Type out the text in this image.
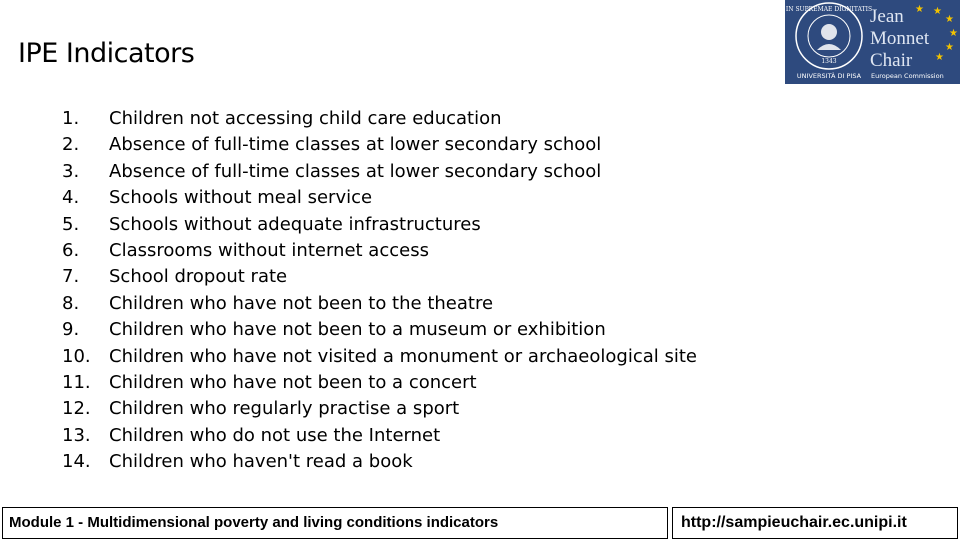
IPE Indicators
IN SUPREMAE DIGNITATIS
1343
UNIVERSITÀ DI PISA
Jean
Monnet
Chair
European Commission
★
★
★
★
★
★
1.	Children not accessing child care education
2.	Absence of full-time classes at lower secondary school
3.	Absence of full-time classes at lower secondary school
4.	Schools without meal service
5.	Schools without adequate infrastructures
6.	Classrooms without internet access
7.	School dropout rate
8.	Children who have not been to the theatre
9.	Children who have not been to a museum or exhibition
10.	Children who have not visited a monument or archaeological site
11.	Children who have not been to a concert
12.	Children who regularly practise a sport
13.	Children who do not use the Internet
14.	Children who haven't read a book
Module 1 - Multidimensional poverty and living conditions indicators	http://sampieuchair.ec.unipi.it
